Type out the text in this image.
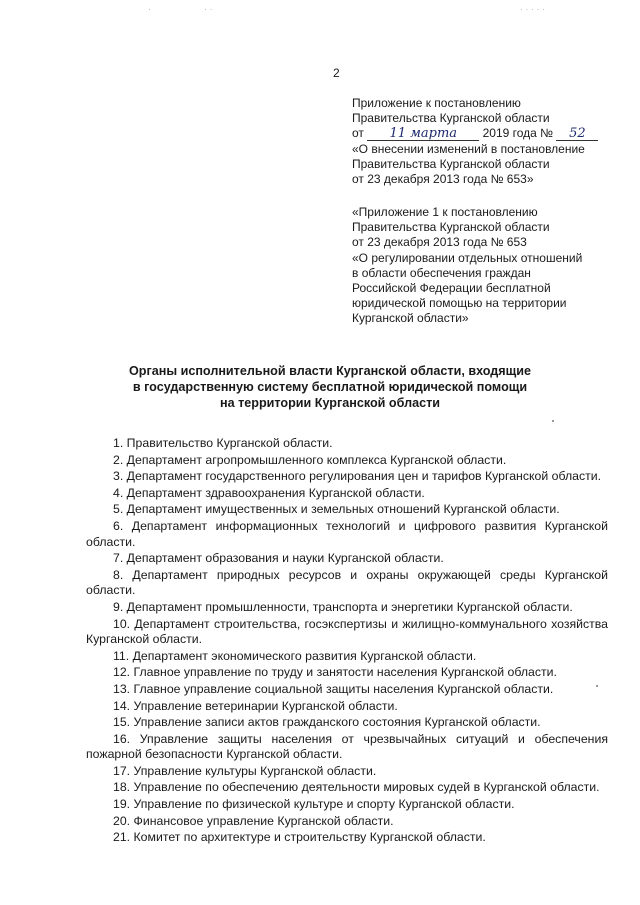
2
Приложение к постановлению
Правительства Курганской области
от 11 марта 2019 года № 52
«О внесении изменений в постановление
Правительства Курганской области
от 23 декабря 2013 года № 653»
«Приложение 1 к постановлению
Правительства Курганской области
от 23 декабря 2013 года № 653
«О регулировании отдельных отношений
в области обеспечения граждан
Российской Федерации бесплатной
юридической помощью на территории
Курганской области»
Органы исполнительной власти Курганской области, входящие
в государственную систему бесплатной юридической помощи
на территории Курганской области
1. Правительство Курганской области.
2. Департамент агропромышленного комплекса Курганской области.
3. Департамент государственного регулирования цен и тарифов Курганской области.
4. Департамент здравоохранения Курганской области.
5. Департамент имущественных и земельных отношений Курганской области.
6. Департамент информационных технологий и цифрового развития Курганской области.
7. Департамент образования и науки Курганской области.
8. Департамент природных ресурсов и охраны окружающей среды Курганской области.
9. Департамент промышленности, транспорта и энергетики Курганской области.
10. Департамент строительства, госэкспертизы и жилищно-коммунального хозяйства Курганской области.
11. Департамент экономического развития Курганской области.
12. Главное управление по труду и занятости населения Курганской области.
13. Главное управление социальной защиты населения Курганской области.
14. Управление ветеринарии Курганской области.
15. Управление записи актов гражданского состояния Курганской области.
16. Управление защиты населения от чрезвычайных ситуаций и обеспечения пожарной безопасности Курганской области.
17. Управление культуры Курганской области.
18. Управление по обеспечению деятельности мировых судей в Курганской области.
19. Управление по физической культуре и спорту Курганской области.
20. Финансовое управление Курганской области.
21. Комитет по архитектуре и строительству Курганской области.
·	· ·	· · · · ·
